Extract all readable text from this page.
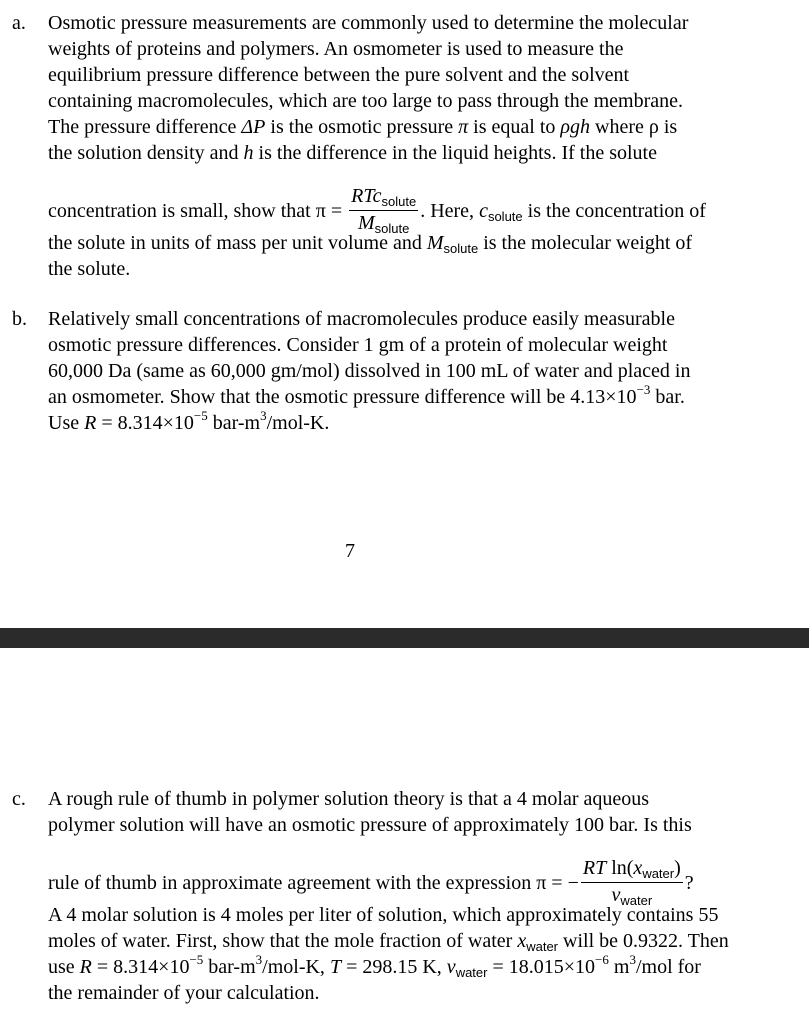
a. Osmotic pressure measurements are commonly used to determine the molecular
weights of proteins and polymers. An osmometer is used to measure the
equilibrium pressure difference between the pure solvent and the solvent
containing macromolecules, which are too large to pass through the membrane.
The pressure difference ΔP is the osmotic pressure π is equal to ρgh where ρ is
the solution density and h is the difference in the liquid heights. If the solute
concentration is small, show that $\pi = \frac{RTc_{solute}}{M_{solute}}$ . Here, $c_{solute}$ is the concentration of
the solute in units of mass per unit volume and $M_{solute}$ is the molecular weight of
the solute.
b. Relatively small concentrations of macromolecules produce easily measurable
osmotic pressure differences. Consider 1 gm of a protein of molecular weight
60,000 Da (same as 60,000 gm/mol) dissolved in 100 mL of water and placed in
an osmometer. Show that the osmotic pressure difference will be $4.13\times 10^{-3}$ bar.
Use $R = 8.314\times 10^{-5}$ bar-$m^3/mol-K$.
7
c. A rough rule of thumb in polymer solution theory is that a 4 molar aqueous
polymer solution will have an osmotic pressure of approximately 100 bar. Is this
rule of thumb in approximate agreement with the expression π = − $\frac{RT \ln(x_{water})}{v_{water}}$ ?
A 4 molar solution is 4 moles per liter of solution, which approximately contains 55
moles of water. First, show that the mole fraction of water $x_{water}$ will be 0.9322. Then
use $R = 8.314\times 10^{-5}$ bar-$m^3/mol-K$, T = 298.15 K, $v_{water} = 18.015\times 10^{-6}$ $m^3$/mol for
the remainder of your calculation.
